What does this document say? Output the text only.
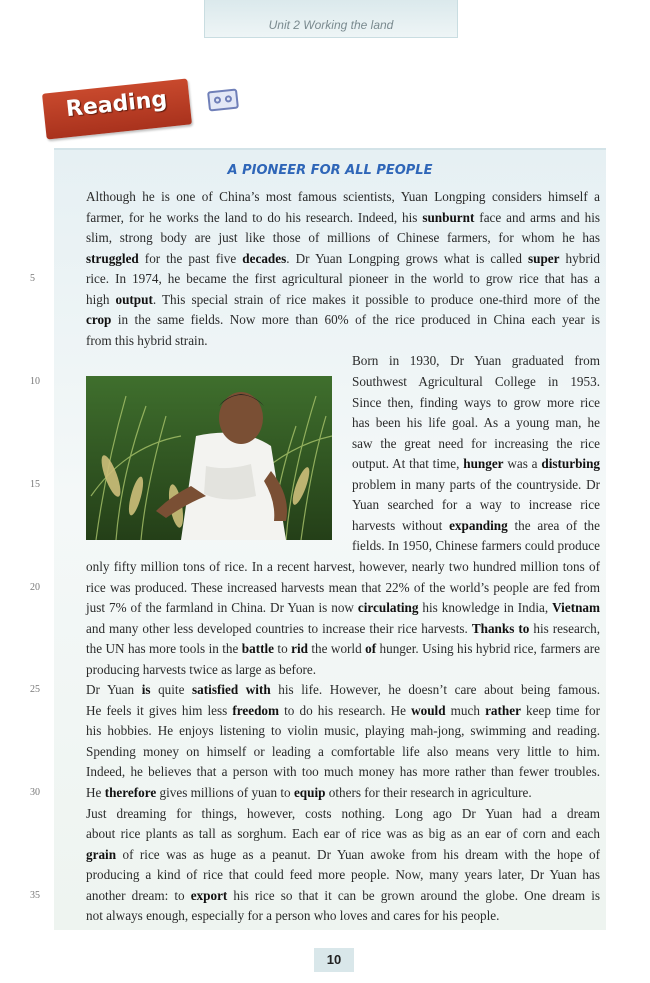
Unit 2 Working the land
Reading
A PIONEER FOR ALL PEOPLE
Although he is one of China’s most famous scientists, Yuan Longping considers himself a
farmer, for he works the land to do his research. Indeed, his sunburnt face and arms and his
slim, strong body are just like those of millions of Chinese farmers, for whom he has
struggled for the past five decades. Dr Yuan Longping grows what is called super hybrid
rice. In 1974, he became the first agricultural pioneer in the world to grow rice that has a
high output. This special strain of rice makes it possible to produce one-third more of the
crop in the same fields. Now more than 60% of the rice produced in China each year is
from this hybrid strain.
Born in 1930, Dr Yuan graduated from
Southwest Agricultural College in 1953.
Since then, finding ways to grow more rice
has been his life goal. As a young man, he
saw the great need for increasing the rice
output. At that time, hunger was a disturbing
problem in many parts of the countryside. Dr
Yuan searched for a way to increase rice
harvests without expanding the area of the
fields. In 1950, Chinese farmers could produce
only fifty million tons of rice. In a recent harvest, however, nearly two hundred million tons of
rice was produced. These increased harvests mean that 22% of the world’s people are fed from
just 7% of the farmland in China. Dr Yuan is now circulating his knowledge in India, Vietnam
and many other less developed countries to increase their rice harvests. Thanks to his research,
the UN has more tools in the battle to rid the world of hunger. Using his hybrid rice, farmers are
producing harvests twice as large as before.
Dr Yuan is quite satisfied with his life. However, he doesn’t care about being famous.
He feels it gives him less freedom to do his research. He would much rather keep time for
his hobbies. He enjoys listening to violin music, playing mah-jong, swimming and reading.
Spending money on himself or leading a comfortable life also means very little to him.
Indeed, he believes that a person with too much money has more rather than fewer troubles.
He therefore gives millions of yuan to equip others for their research in agriculture.
Just dreaming for things, however, costs nothing. Long ago Dr Yuan had a dream
about rice plants as tall as sorghum. Each ear of rice was as big as an ear of corn and each
grain of rice was as huge as a peanut. Dr Yuan awoke from his dream with the hope of
producing a kind of rice that could feed more people. Now, many years later, Dr Yuan has
another dream: to export his rice so that it can be grown around the globe. One dream is
not always enough, especially for a person who loves and cares for his people.
5
10
15
20
25
30
35
10
